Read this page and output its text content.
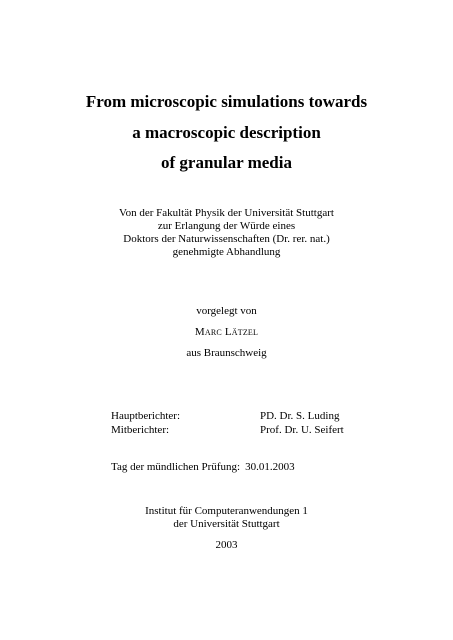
From microscopic simulations towards
a macroscopic description
of granular media
Von der Fakultät Physik der Universität Stuttgart
zur Erlangung der Würde eines
Doktors der Naturwissenschaften (Dr. rer. nat.)
genehmigte Abhandlung
vorgelegt von
Marc Lätzel
aus Braunschweig
Hauptberichter:	PD. Dr. S. Luding
Mitberichter:	Prof. Dr. U. Seifert
Tag der mündlichen Prüfung: 30.01.2003
Institut für Computeranwendungen 1
der Universität Stuttgart
2003
